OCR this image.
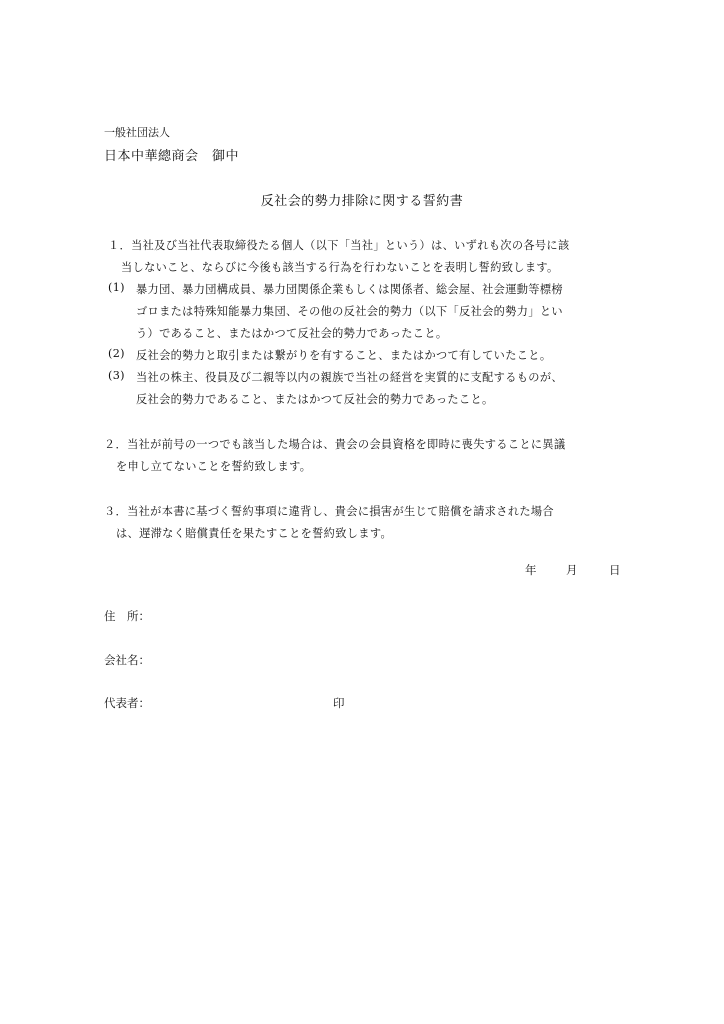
一般社団法人
日本中華總商会　御中
反社会的勢力排除に関する誓約書
１．当社及び当社代表取締役たる個人（以下「当社」という）は、いずれも次の各号に該
当しないこと、ならびに今後も該当する行為を行わないことを表明し誓約致します。
(1) 暴力団、暴力団構成員、暴力団関係企業もしくは関係者、総会屋、社会運動等標榜
ゴロまたは特殊知能暴力集団、その他の反社会的勢力（以下「反社会的勢力」とい
う）であること、またはかつて反社会的勢力であったこと。
(2) 反社会的勢力と取引または繋がりを有すること、またはかつて有していたこと。
(3) 当社の株主、役員及び二親等以内の親族で当社の経営を実質的に支配するものが、
反社会的勢力であること、またはかつて反社会的勢力であったこと。
２．当社が前号の一つでも該当した場合は、貴会の会員資格を即時に喪失することに異議
を申し立てないことを誓約致します。
３．当社が本書に基づく誓約事項に違背し、貴会に損害が生じて賠償を請求された場合
は、遅滞なく賠償責任を果たすことを誓約致します。
年	月	日
住　所：
会社名：
代表者：	印
